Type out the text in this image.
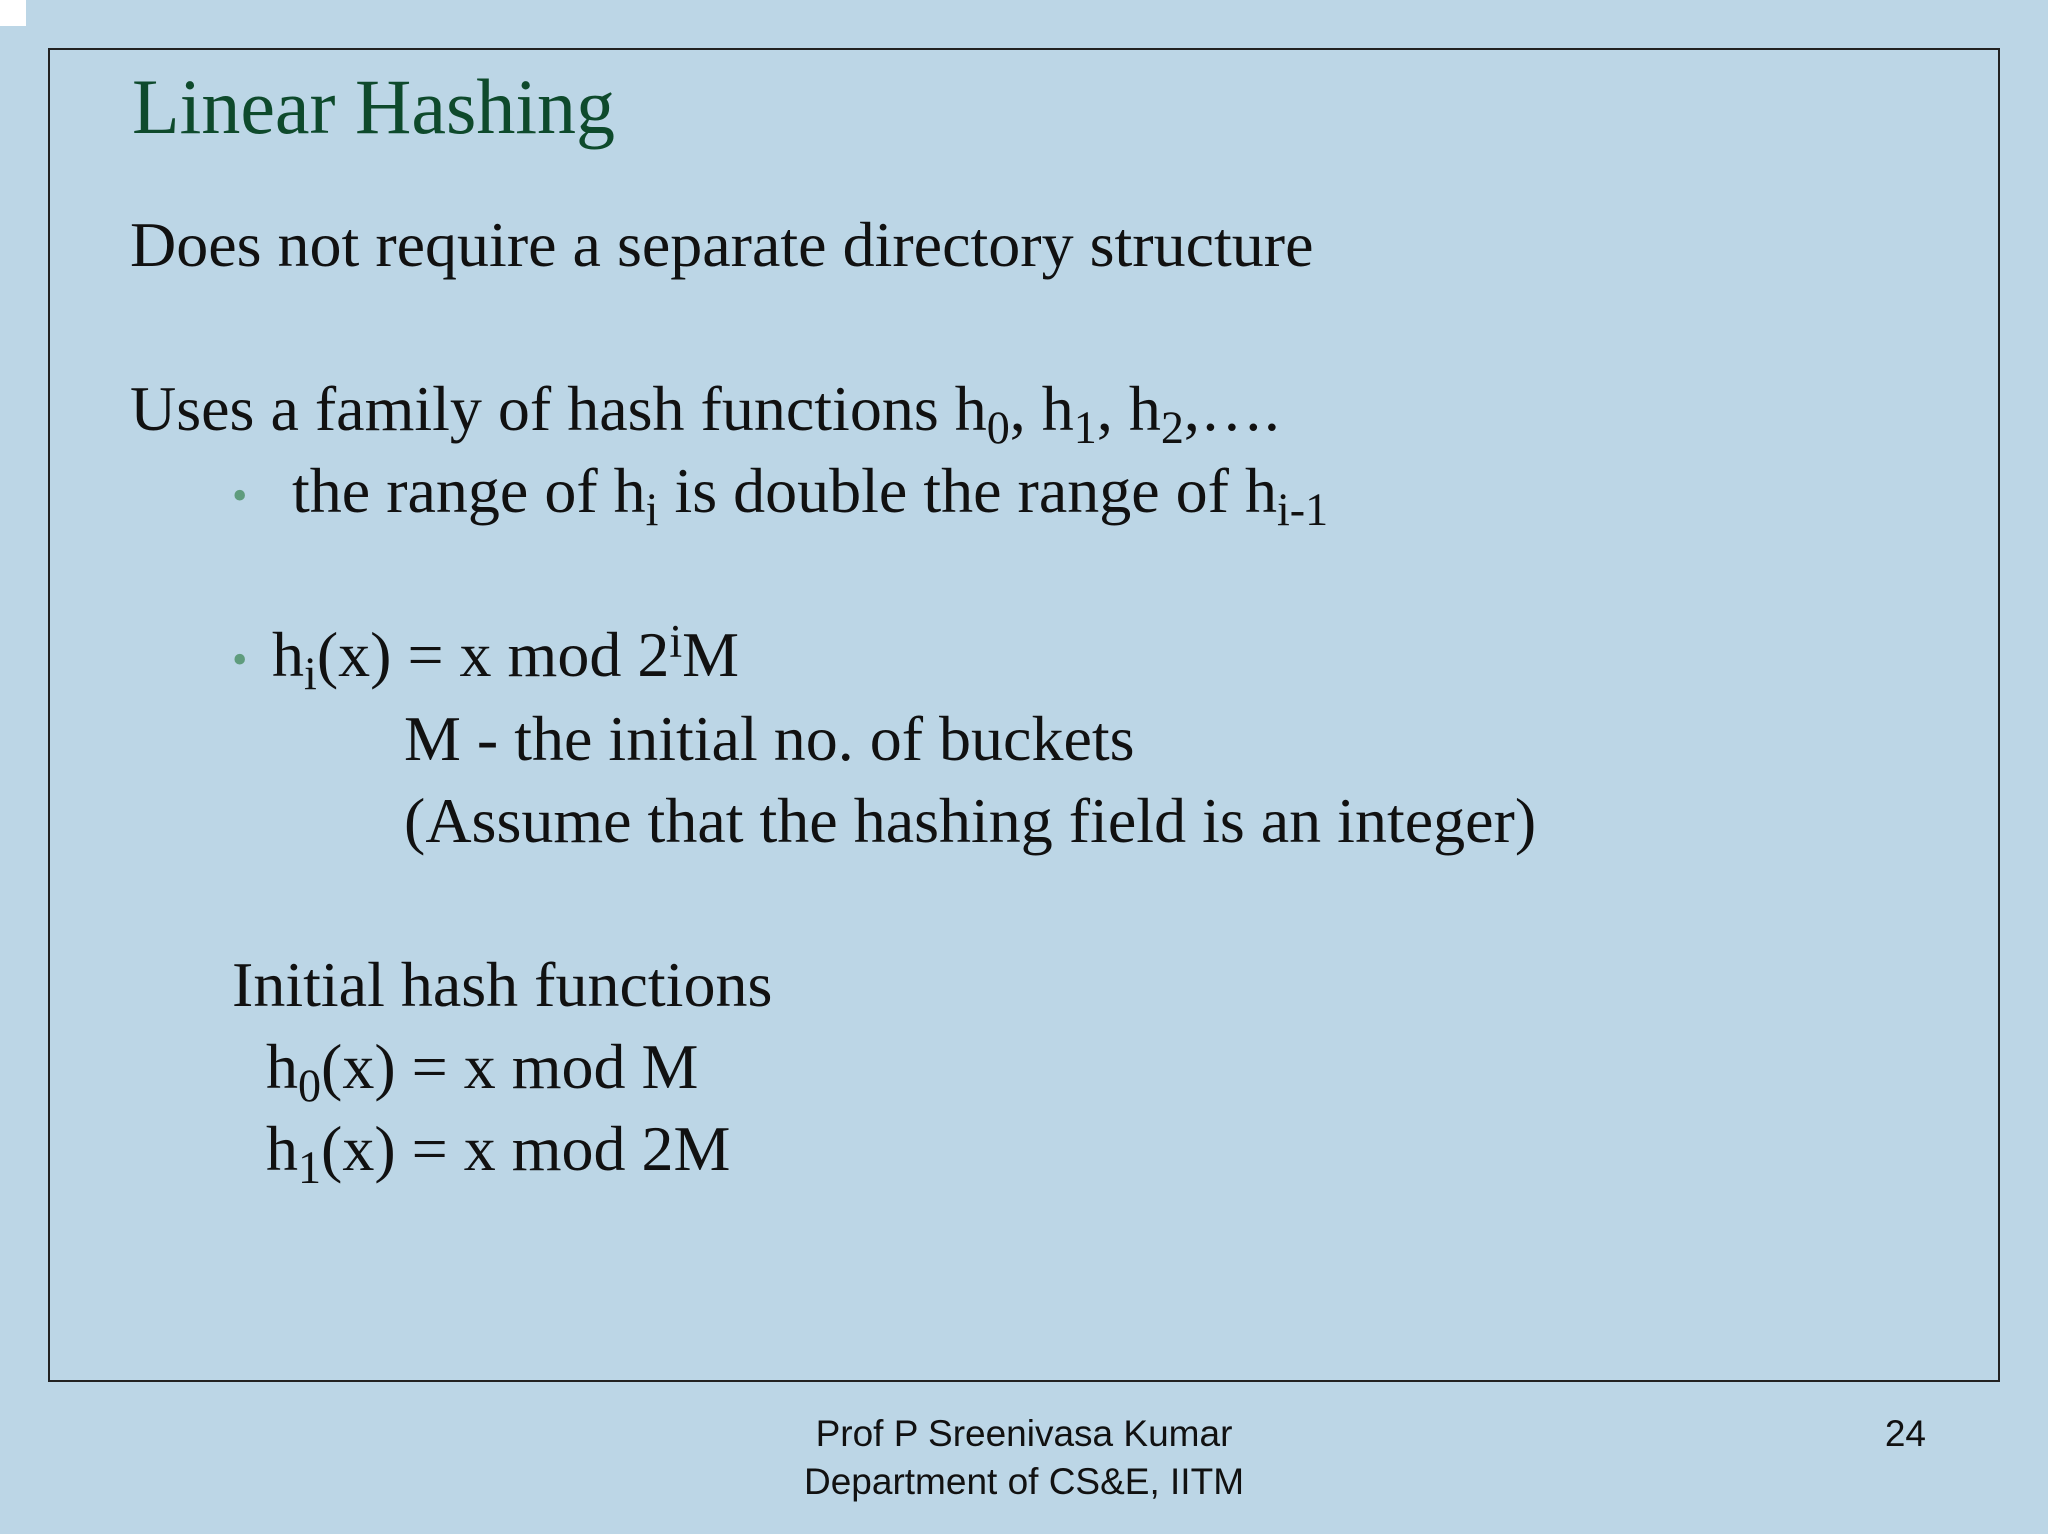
Linear Hashing
Does not require a separate directory structure
Uses a family of hash functions $h_0$, $h_1$, $h_2,\dots$.
• the range of $h_i$ is double the range of $h_{i-1}$
• $h_i(x) = x$ mod 2$^i$M
M - the initial no. of buckets
(Assume that the hashing field is an integer)
Initial hash functions
$h_0(x) = x$ mod M
$h_1(x) = x$ mod 2M
Prof P Sreenivasa Kumar
Department of CS&E, IITM
24
